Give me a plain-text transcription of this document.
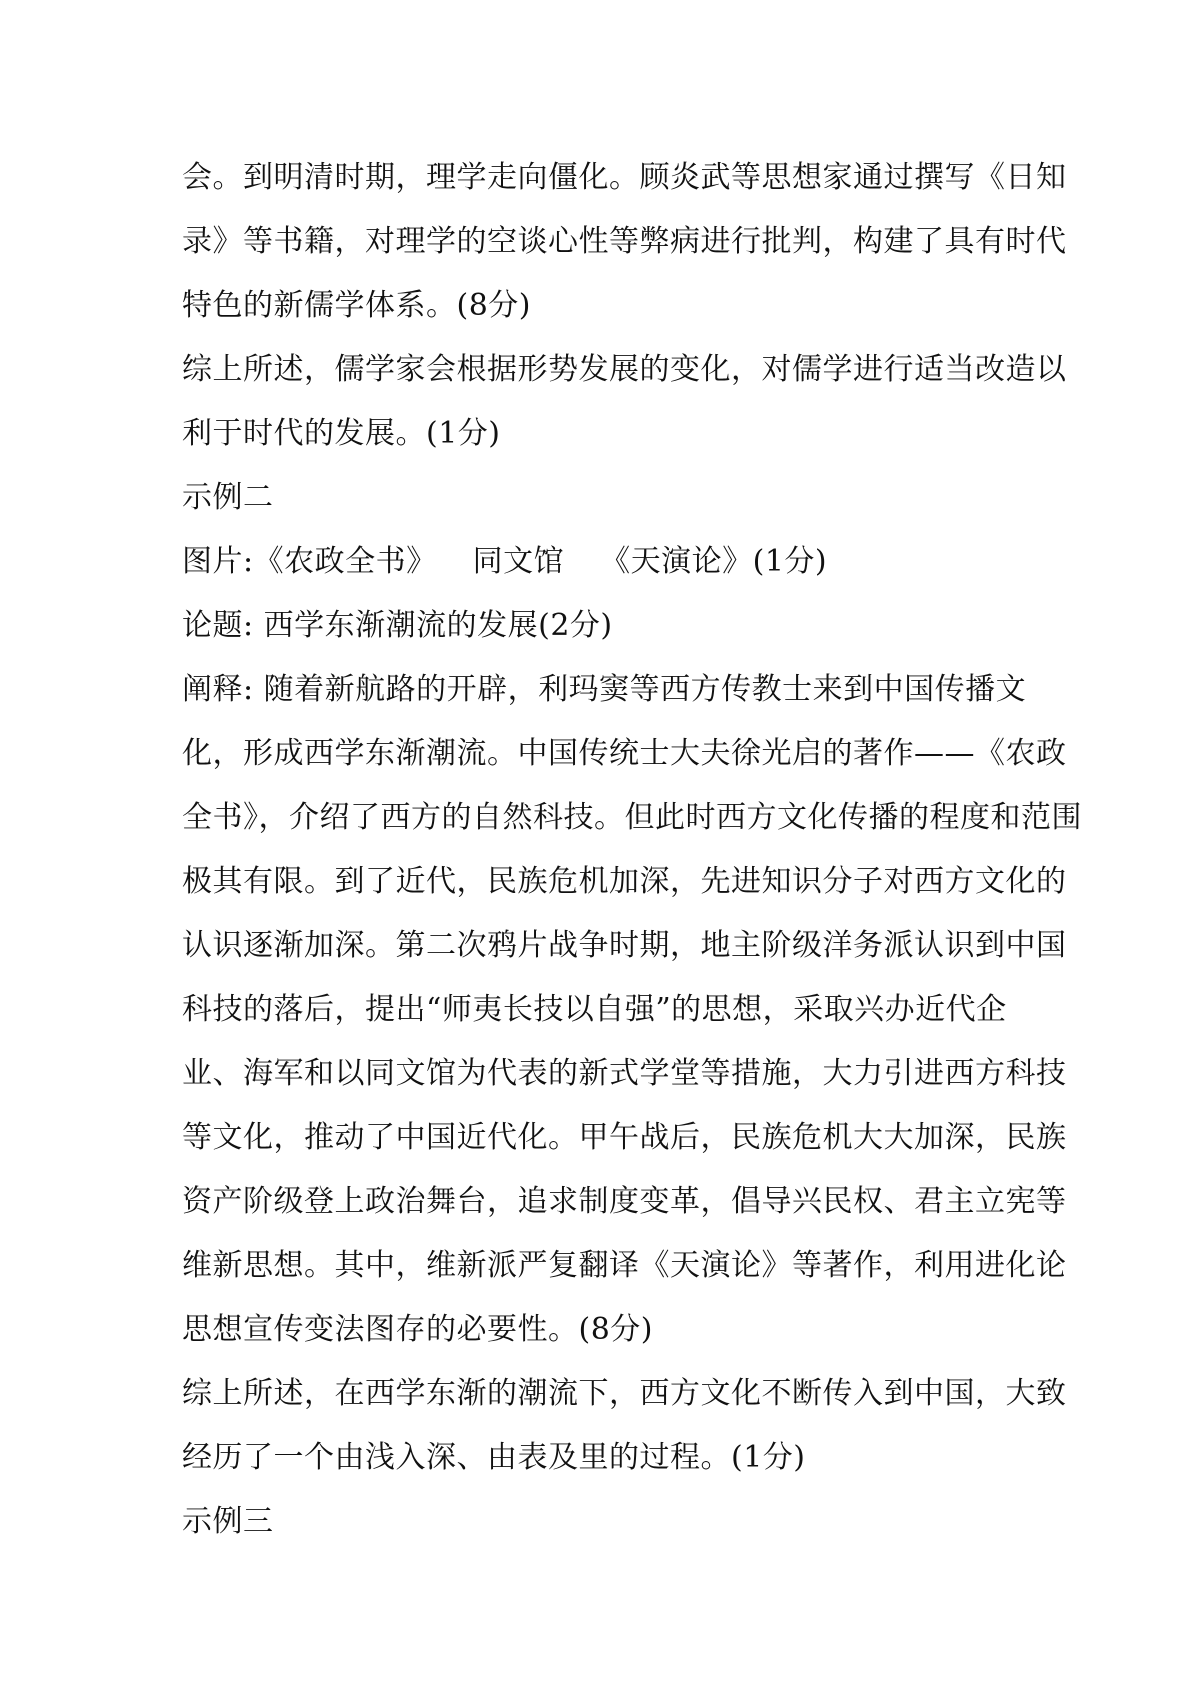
会。到明清时期，理学走向僵化。顾炎武等思想家通过撰写《日知
录》等书籍，对理学的空谈心性等弊病进行批判，构建了具有时代
特色的新儒学体系。(8分)
综上所述，儒学家会根据形势发展的变化，对儒学进行适当改造以
利于时代的发展。(1分)
示例二
图片:《农政全书》 同文馆 《天演论》(1分)
论题: 西学东渐潮流的发展(2分)
阐释: 随着新航路的开辟，利玛窦等西方传教士来到中国传播文
化，形成西学东渐潮流。中国传统士大夫徐光启的著作——《农政
全书》，介绍了西方的自然科技。但此时西方文化传播的程度和范围
极其有限。到了近代，民族危机加深，先进知识分子对西方文化的
认识逐渐加深。第二次鸦片战争时期，地主阶级洋务派认识到中国
科技的落后，提出“师夷长技以自强”的思想，采取兴办近代企
业、海军和以同文馆为代表的新式学堂等措施，大力引进西方科技
等文化，推动了中国近代化。甲午战后，民族危机大大加深，民族
资产阶级登上政治舞台，追求制度变革，倡导兴民权、君主立宪等
维新思想。其中，维新派严复翻译《天演论》等著作，利用进化论
思想宣传变法图存的必要性。(8分)
综上所述，在西学东渐的潮流下，西方文化不断传入到中国，大致
经历了一个由浅入深、由表及里的过程。(1分)
示例三
